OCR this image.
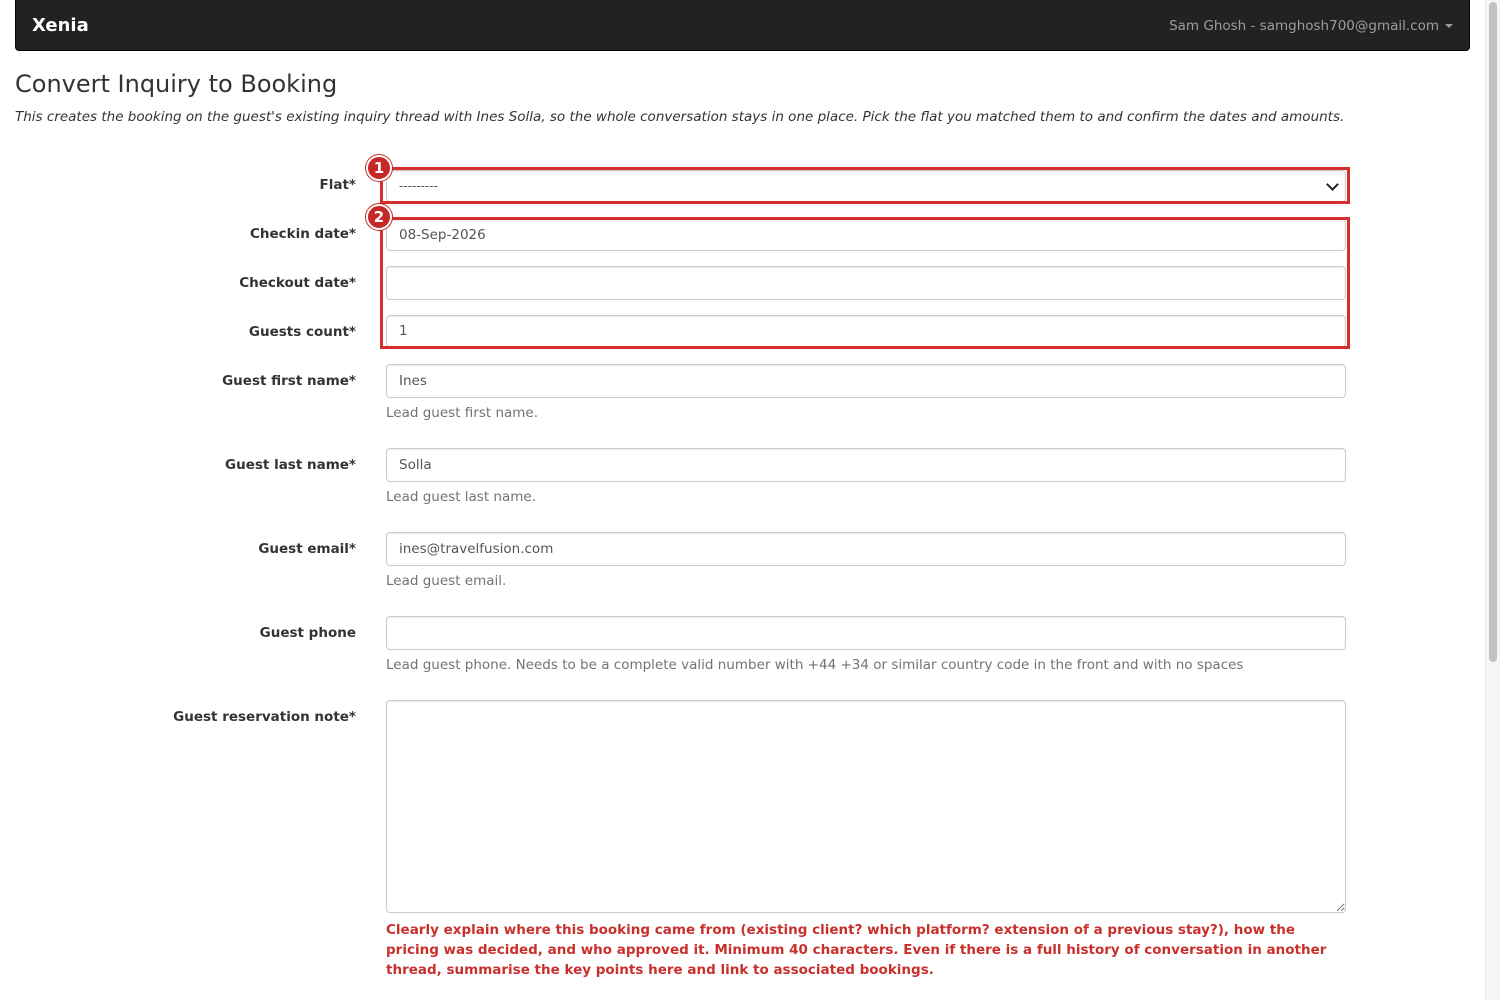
Xenia	Sam Ghosh - samghosh700@gmail.com
Convert Inquiry to Booking

This creates the booking on the guest's existing inquiry thread with Ines Solla, so the whole conversation stays in one place. Pick the flat you matched them to and confirm the dates and amounts.

Flat*	---------
Checkin date*
08-Sep-2026
Checkout date*
Guests count*
1
Guest first name*
Ines
Lead guest first name.
Guest last name*
Solla
Lead guest last name.
Guest email*
ines@travelfusion.com
Lead guest email.
Guest phone
Lead guest phone. Needs to be a complete valid number with +44 +34 or similar country code in the front and with no spaces
Guest reservation note*
Clearly explain where this booking came from (existing client? which platform? extension of a previous stay?), how the pricing was decided, and who approved it. Minimum 40 characters. Even if there is a full history of conversation in another thread, summarise the key points here and link to associated bookings.
1
2
